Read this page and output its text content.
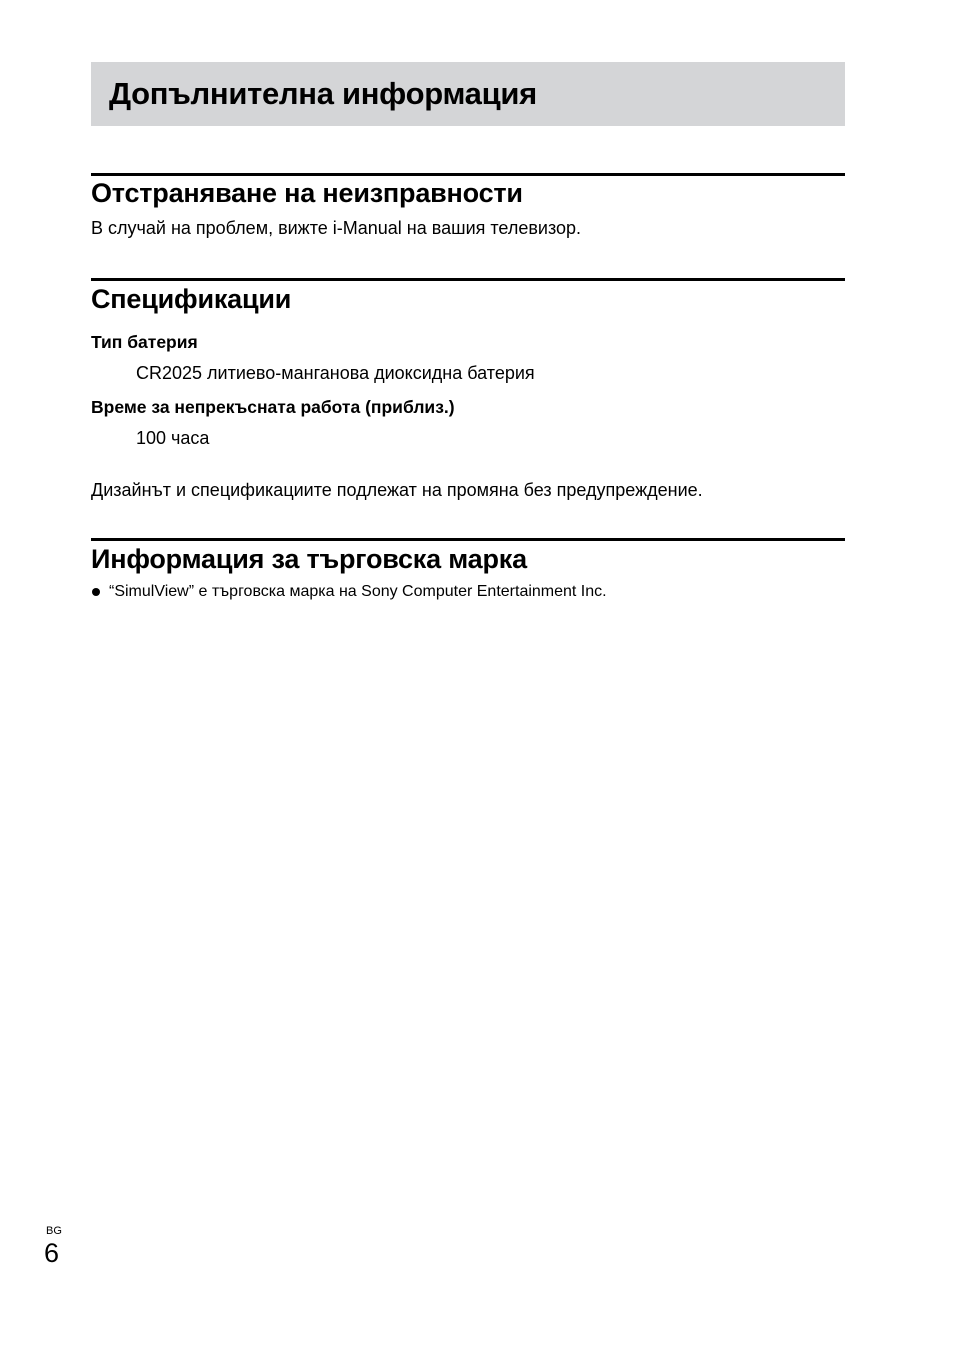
Допълнителна информация
Отстраняване на неизправности
В случай на проблем, вижте i-Manual на вашия телевизор.
Спецификации
Тип батерия
CR2025 литиево-манганова диоксидна батерия
Време за непрекъсната работа (приблиз.)
100 часа
Дизайнът и спецификациите подлежат на промяна без предупреждение.
Информация за търговска марка
“SimulView” е търговска марка на Sony Computer Entertainment Inc.
BG
6
